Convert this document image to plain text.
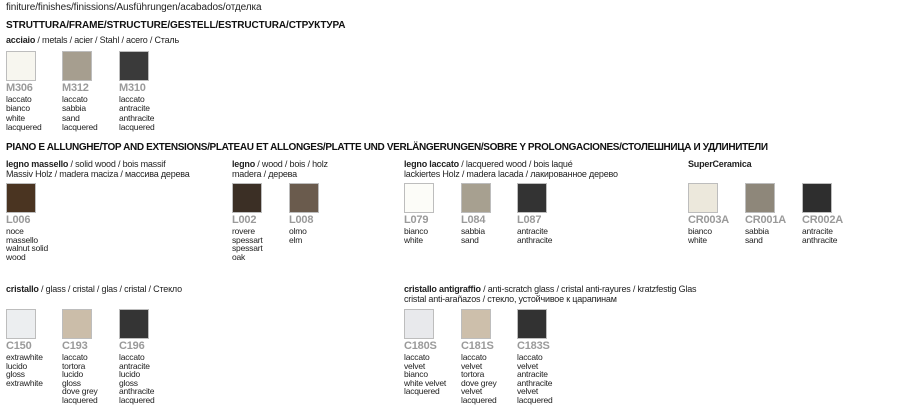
finiture/finishes/finissions/Ausführungen/acabados/отделка
STRUTTURA/FRAME/STRUCTURE/GESTELL/ESTRUCTURA/СТРУКТУРА
acciaio / metals / acier / Stahl / acero / Сталь
M306
laccato
bianco
white
lacquered
M312
laccato
sabbia
sand
lacquered
M310
laccato
antracite
anthracite
lacquered
PIANO E ALLUNGHE/TOP AND EXTENSIONS/PLATEAU ET ALLONGES/PLATTE UND VERLÄNGERUNGEN/SOBRE Y PROLONGACIONES/СТОЛЕШНИЦА И УДЛИНИТЕЛИ
legno massello / solid wood / bois massif
Massiv Holz / madera maciza / массива дерева
L006
noce
massello
walnut solid
wood
legno / wood / bois / holz
madera / дерева
L002
rovere
spessart
spessart
oak
L008
olmo
elm
legno laccato / lacquered wood / bois laqué
lackiertes Holz / madera lacada / лакированное дерево
L079
bianco
white
L084
sabbia
sand
L087
antracite
anthracite
SuperCeramica
CR003A
bianco
white
CR001A
sabbia
sand
CR002A
antracite
anthracite
cristallo / glass / cristal / glas / cristal / Стекло
C150
extrawhite
lucido
gloss
extrawhite
C193
laccato
tortora
lucido
gloss
dove grey
lacquered
C196
laccato
antracite
lucido
gloss
anthracite
lacquered
cristallo antigraffio / anti-scratch glass / cristal anti-rayures / kratzfestig Glas
cristal anti-arañazos / стекло, устойчивое к царапинам
C180S
laccato
velvet
bianco
white velvet
lacquered
C181S
laccato
velvet
tortora
dove grey
velvet
lacquered
C183S
laccato
velvet
antracite
anthracite
velvet
lacquered
